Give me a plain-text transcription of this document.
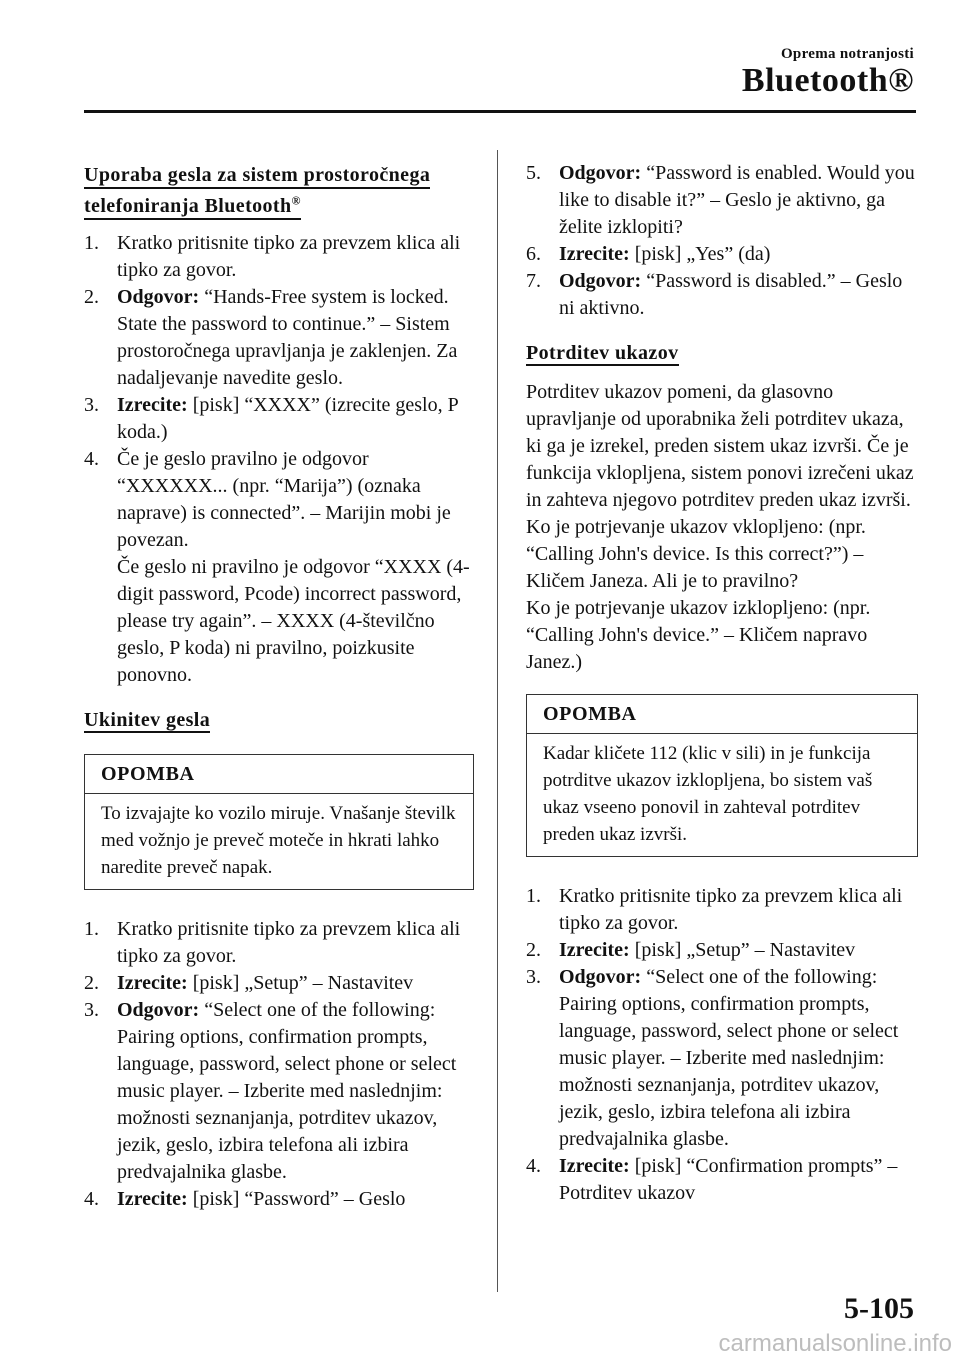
Oprema notranjosti
Bluetooth®
Uporaba gesla za sistem prostoročnega
telefoniranja Bluetooth®
1. Kratko pritisnite tipko za prevzem klica ali tipko za govor.
2. Odgovor: “Hands-Free system is locked. State the password to continue.” – Sistem prostoročnega upravljanja je zaklenjen. Za nadaljevanje navedite geslo.
3. Izrecite: [pisk] “XXXX” (izrecite geslo, P koda.)
4. Če je geslo pravilno je odgovor “XXXXXX... (npr. “Marija”) (oznaka naprave) is connected”. – Marijin mobi je povezan.
Če geslo ni pravilno je odgovor “XXXX (4-digit password, Pcode) incorrect password, please try again”. – XXXX (4-številčno geslo, P koda) ni pravilno, poizkusite ponovno.
Ukinitev gesla
OPOMBA
To izvajajte ko vozilo miruje. Vnašanje številk med vožnjo je preveč moteče in hkrati lahko naredite preveč napak.
1. Kratko pritisnite tipko za prevzem klica ali tipko za govor.
2. Izrecite: [pisk] „Setup” – Nastavitev
3. Odgovor: “Select one of the following: Pairing options, confirmation prompts, language, password, select phone or select music player. – Izberite med naslednjim: možnosti seznanjanja, potrditev ukazov, jezik, geslo, izbira telefona ali izbira predvajalnika glasbe.
4. Izrecite: [pisk] “Password” – Geslo
5. Odgovor: “Password is enabled. Would you like to disable it?” – Geslo je aktivno, ga želite izklopiti?
6. Izrecite: [pisk] „Yes” (da)
7. Odgovor: “Password is disabled.” – Geslo ni aktivno.
Potrditev ukazov

Potrditev ukazov pomeni, da glasovno upravljanje od uporabnika želi potrditev ukaza, ki ga je izrekel, preden sistem ukaz izvrši. Če je funkcija vklopljena, sistem ponovi izrečeni ukaz in zahteva njegovo potrditev preden ukaz izvrši.

Ko je potrjevanje ukazov vklopljeno: (npr. “Calling John's device. Is this correct?”) – Kličem Janeza. Ali je to pravilno?

Ko je potrjevanje ukazov izklopljeno: (npr. “Calling John's device.” – Kličem napravo Janez.)

OPOMBA
Kadar kličete 112 (klic v sili) in je funkcija potrditve ukazov izklopljena, bo sistem vaš ukaz vseeno ponovil in zahteval potrditev preden ukaz izvrši.
1. Kratko pritisnite tipko za prevzem klica ali tipko za govor.
2. Izrecite: [pisk] „Setup” – Nastavitev
3. Odgovor: “Select one of the following: Pairing options, confirmation prompts, language, password, select phone or select music player. – Izberite med naslednjim: možnosti seznanjanja, potrditev ukazov, jezik, geslo, izbira telefona ali izbira predvajalnika glasbe.
4. Izrecite: [pisk] “Confirmation prompts” – Potrditev ukazov
5-105
carmanualsonline.info
